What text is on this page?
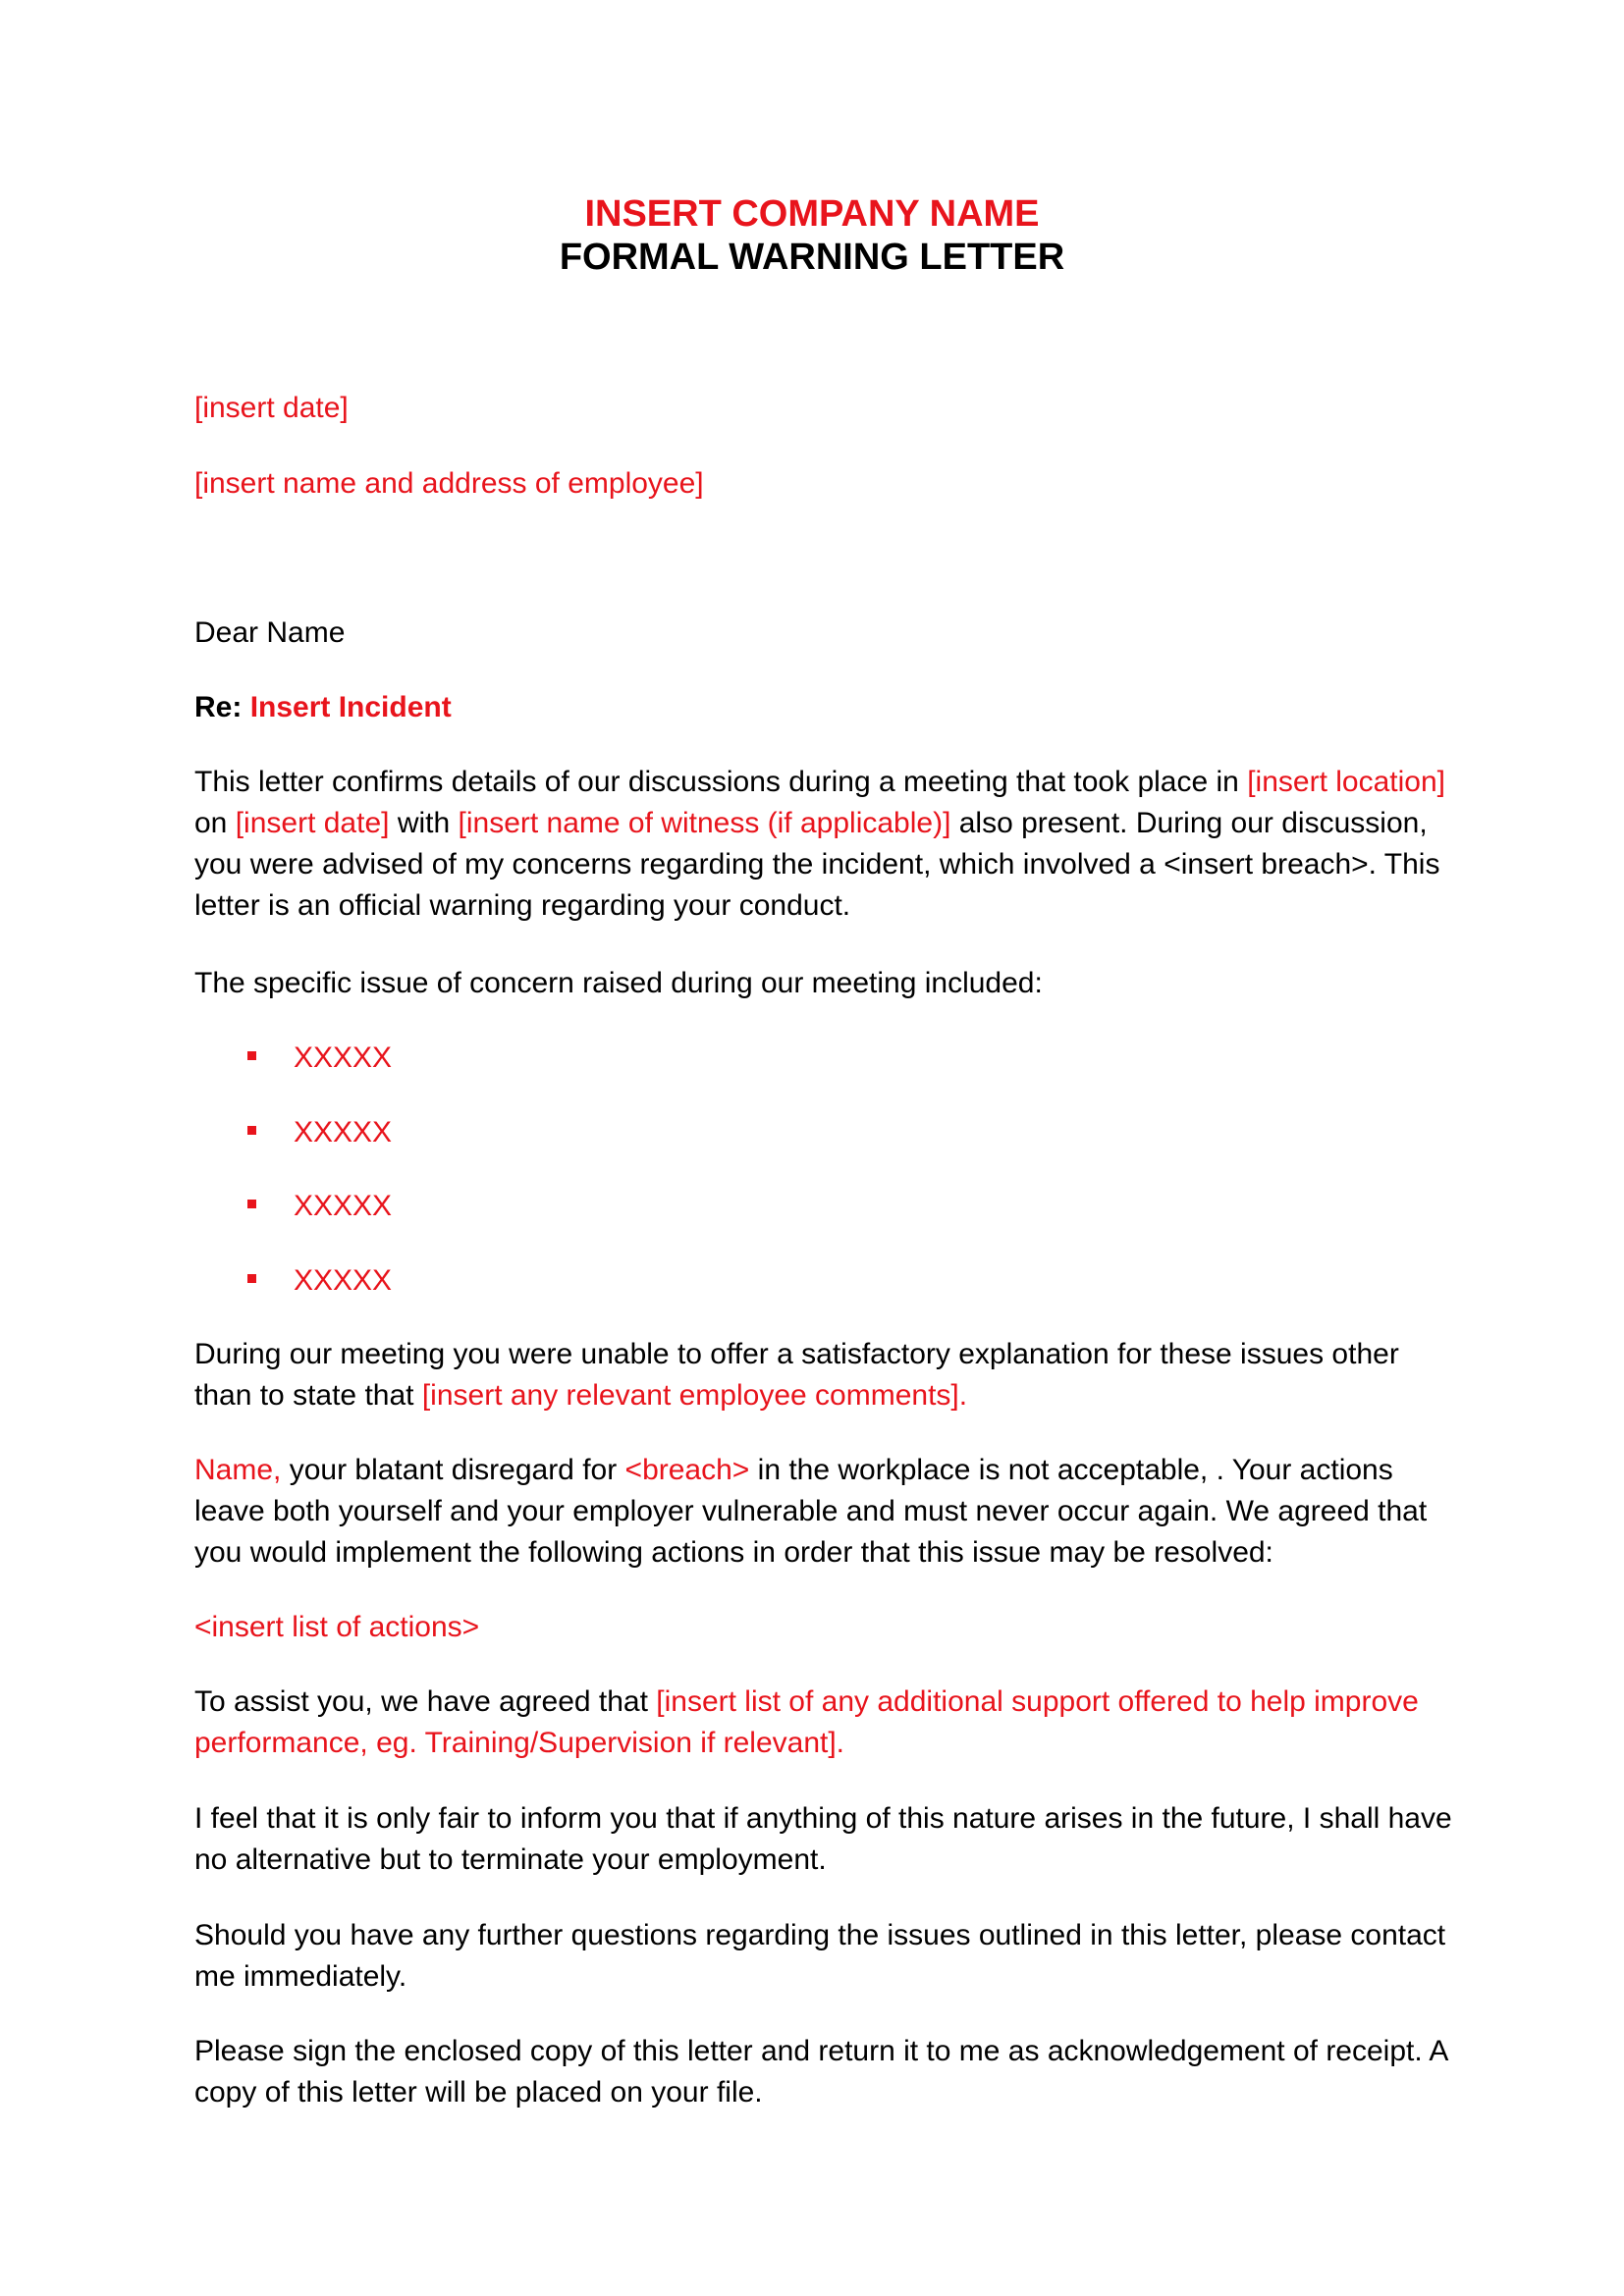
INSERT COMPANY NAME
FORMAL WARNING LETTER
[insert date]
[insert name and address of employee]
Dear Name
Re: Insert Incident
This letter confirms details of our discussions during a meeting that took place in [insert location] on [insert date] with [insert name of witness (if applicable)] also present. During our discussion, you were advised of my concerns regarding the incident, which involved a <insert breach>. This letter is an official warning regarding your conduct.
The specific issue of concern raised during our meeting included:
XXXXX
XXXXX
XXXXX
XXXXX
During our meeting you were unable to offer a satisfactory explanation for these issues other than to state that [insert any relevant employee comments].
Name, your blatant disregard for <breach> in the workplace is not acceptable, . Your actions leave both yourself and your employer vulnerable and must never occur again. We agreed that you would implement the following actions in order that this issue may be resolved:
<insert list of actions>
To assist you, we have agreed that [insert list of any additional support offered to help improve performance, eg. Training/Supervision if relevant].
I feel that it is only fair to inform you that if anything of this nature arises in the future, I shall have no alternative but to terminate your employment.
Should you have any further questions regarding the issues outlined in this letter, please contact me immediately.
Please sign the enclosed copy of this letter and return it to me as acknowledgement of receipt. A copy of this letter will be placed on your file.
